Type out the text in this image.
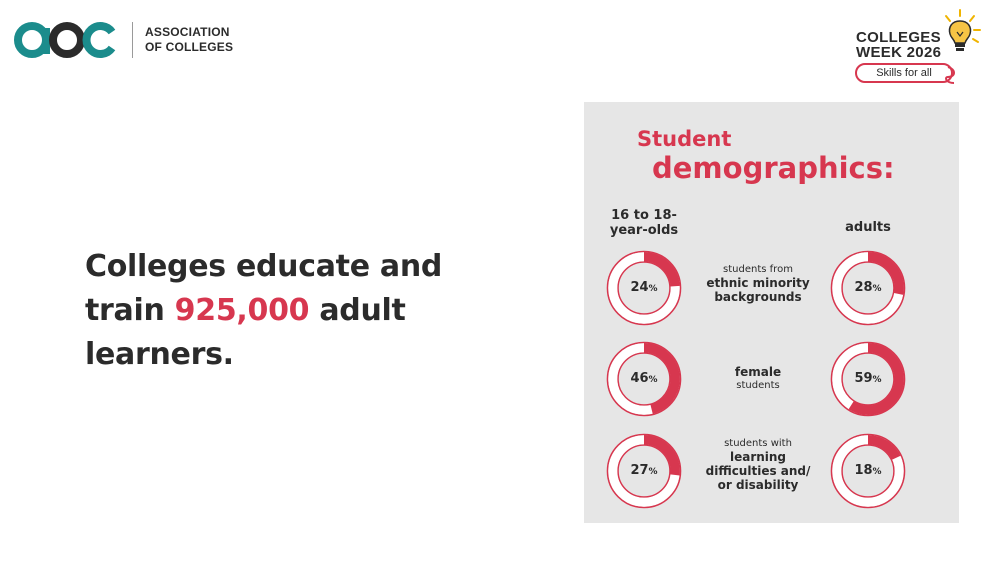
ASSOCIATION
OF COLLEGES
COLLEGES
WEEK 2026
Skills for all
Colleges educate and train 925,000 adult learners.
Student
demographics:
16 to 18-year-olds	adults
24%
students from
ethnic minority backgrounds
28%
46%
female
students	59%
27%
students with
learning difficulties and/ or disability
18%
